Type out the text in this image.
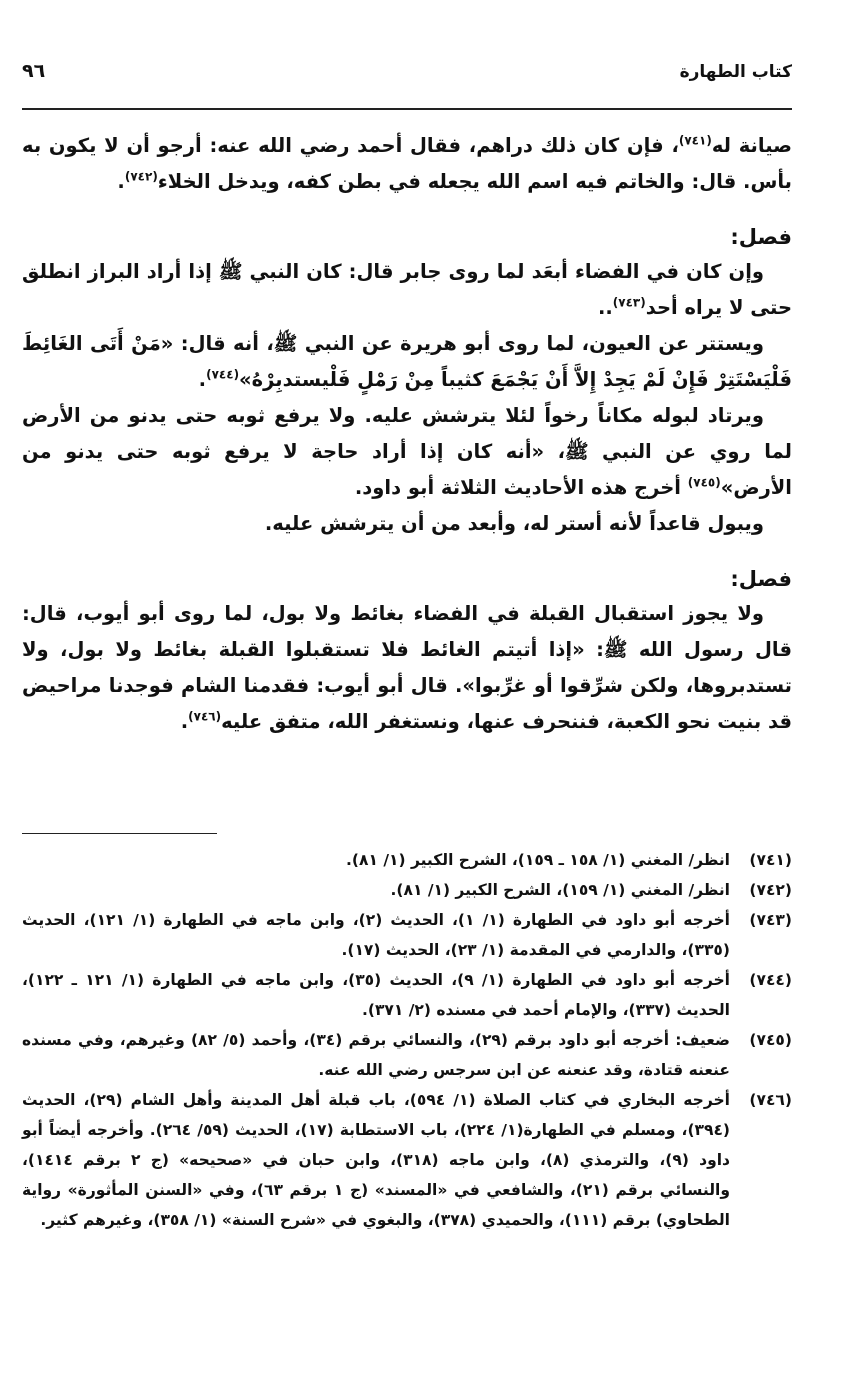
كتاب الطهارة
٩٦

صيانة له$^{(٧٤١)}$، فإن كان ذلك دراهم، فقال أحمد رضي الله عنه: أرجو أن لا يكون به بأس. قال: والخاتم فيه اسم الله يجعله في بطن كفه، ويدخل الخلاء$^{(٧٤٢)}$.

فصل:

وإن كان في الفضاء أبعَد لما روى جابر قال: كان النبي ﷺ إذا أراد البراز انطلق حتى لا يراه أحد$^{(٧٤٣)}$..

ويستتر عن العيون، لما روى أبو هريرة عن النبي ﷺ، أنه قال: «مَنْ أَتَى الغَائِطَ فَلْيَسْتَتِرْ فَإِنْ لَمْ يَجِدْ إِلاَّ أَنْ يَجْمَعَ كثيباً مِنْ رَمْلٍ فَلْيستدبِرْهُ»$^{(٧٤٤)}$.

ويرتاد لبوله مكاناً رخواً لئلا يترشش عليه. ولا يرفع ثوبه حتى يدنو من الأرض لما روي عن النبي ﷺ، «أنه كان إذا أراد حاجة لا يرفع ثوبه حتى يدنو من الأرض»$^{(٧٤٥)}$ أخرج هذه الأحاديث الثلاثة أبو داود.

ويبول قاعداً لأنه أستر له، وأبعد من أن يترشش عليه.

فصل:

ولا يجوز استقبال القبلة في الفضاء بغائط ولا بول، لما روى أبو أيوب، قال: قال رسول الله ﷺ: «إذا أتيتم الغائط فلا تستقبلوا القبلة بغائط ولا بول، ولا تستدبروها، ولكن شرِّقوا أو غرِّبوا». قال أبو أيوب: فقدمنا الشام فوجدنا مراحيض قد بنيت نحو الكعبة، فننحرف عنها، ونستغفر الله، متفق عليه$^{(٧٤٦)}$.

(٧٤١)
انظر/ المغني (١/ ١٥٨ ـ ١٥٩)، الشرح الكبير (١/ ٨١).
(٧٤٢)
انظر/ المغني (١/ ١٥٩)، الشرح الكبير (١/ ٨١).
(٧٤٣)
أخرجه أبو داود في الطهارة (١/ ١)، الحديث (٢)، وابن ماجه في الطهارة (١/ ١٢١)، الحديث (٣٣٥)، والدارمي في المقدمة (١/ ٢٣)، الحديث (١٧).
(٧٤٤)
أخرجه أبو داود في الطهارة (١/ ٩)، الحديث (٣٥)، وابن ماجه في الطهارة (١/ ١٢١ ـ ١٢٢)، الحديث (٣٣٧)، والإمام أحمد في مسنده (٢/ ٣٧١).
(٧٤٥)
ضعيف: أخرجه أبو داود برقم (٢٩)، والنسائي برقم (٣٤)، وأحمد (٥/ ٨٢) وغيرهم، وفي مسنده عنعنه قتادة، وقد عنعنه عن ابن سرجس رضي الله عنه.
(٧٤٦)
أخرجه البخاري في كتاب الصلاة (١/ ٥٩٤)، باب قبلة أهل المدينة وأهل الشام (٢٩)، الحديث (٣٩٤)، ومسلم في الطهارة(١/ ٢٢٤)، باب الاستطابة (١٧)، الحديث (٥٩/ ٢٦٤). وأخرجه أيضاً أبو داود (٩)، والترمذي (٨)، وابن ماجه (٣١٨)، وابن حبان في «صحيحه» (ج ٢ برقم ١٤١٤)، والنسائي برقم (٢١)، والشافعي في «المسند» (ج ١ برقم ٦٣)، وفي «السنن المأثورة» رواية الطحاوي) برقم (١١١)، والحميدي (٣٧٨)، والبغوي في «شرح السنة» (١/ ٣٥٨)، وغيرهم كثير.
